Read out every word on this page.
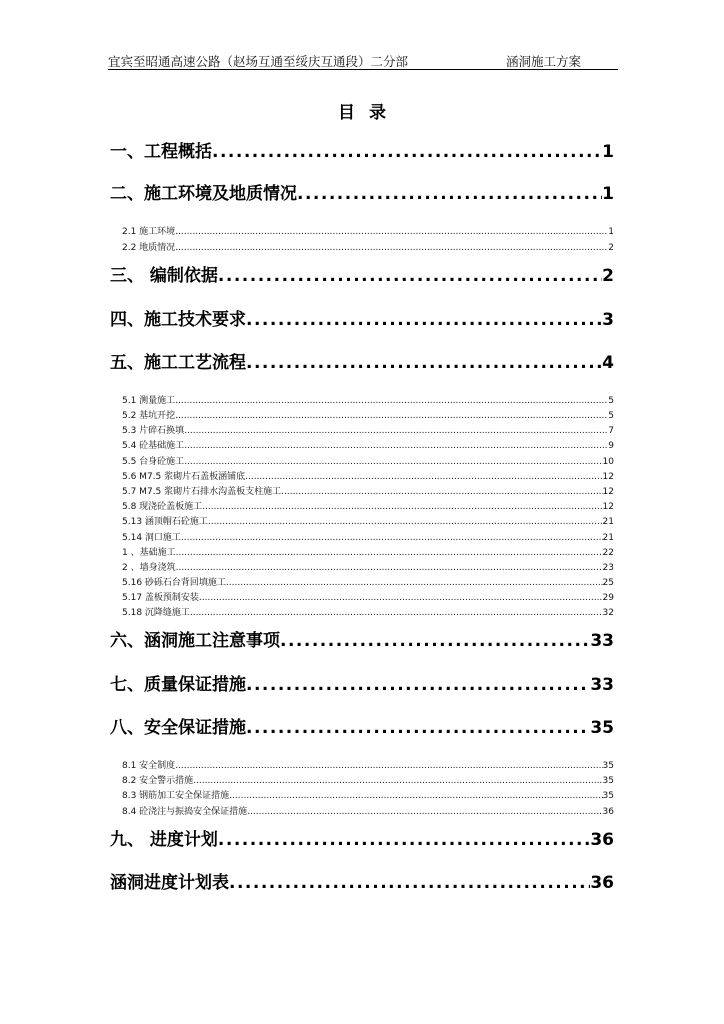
宜宾至昭通高速公路（赵场互通至绥庆互通段）二分部	涵洞施工方案
目录
一、工程概括 .....	1
二、施工环境及地质情况 .....	1
2.1 施工环境 .....	1
2.2 地质情况 .....	2
三、 编制依据 .....	2
四、施工技术要求 .....	3
五、施工工艺流程 .....	4
5.1 测量施工 .....	5
5.2 基坑开挖 .....	5
5.3 片碎石换填 .....	7
5.4 砼基础施工 .....	9
5.5 台身砼施工 .....	10
5.6 M7.5 浆砌片石盖板涵铺底 .....	12
5.7 M7.5 浆砌片石排水沟盖板支柱施工 .....	12
5.8 现浇砼盖板施工 .....	12
5.13 涵顶帽石砼施工 .....	21
5.14 洞口施工 .....	21
1 、基础施工 .....	22
2 、墙身浇筑 .....	23
5.16 砂砾石台背回填施工 .....	25
5.17 盖板预制安装 .....	29
5.18 沉降缝施工 .....	32
六、涵洞施工注意事项 .....	33
七、质量保证措施 .....	33
八、安全保证措施 .....	35
8.1 安全制度 .....	35
8.2 安全警示措施 .....	35
8.3 钢筋加工安全保证措施 .....	35
8.4 砼浇注与振捣安全保证措施 .....	36
九、 进度计划 .....	36
涵洞进度计划表 .....	36
